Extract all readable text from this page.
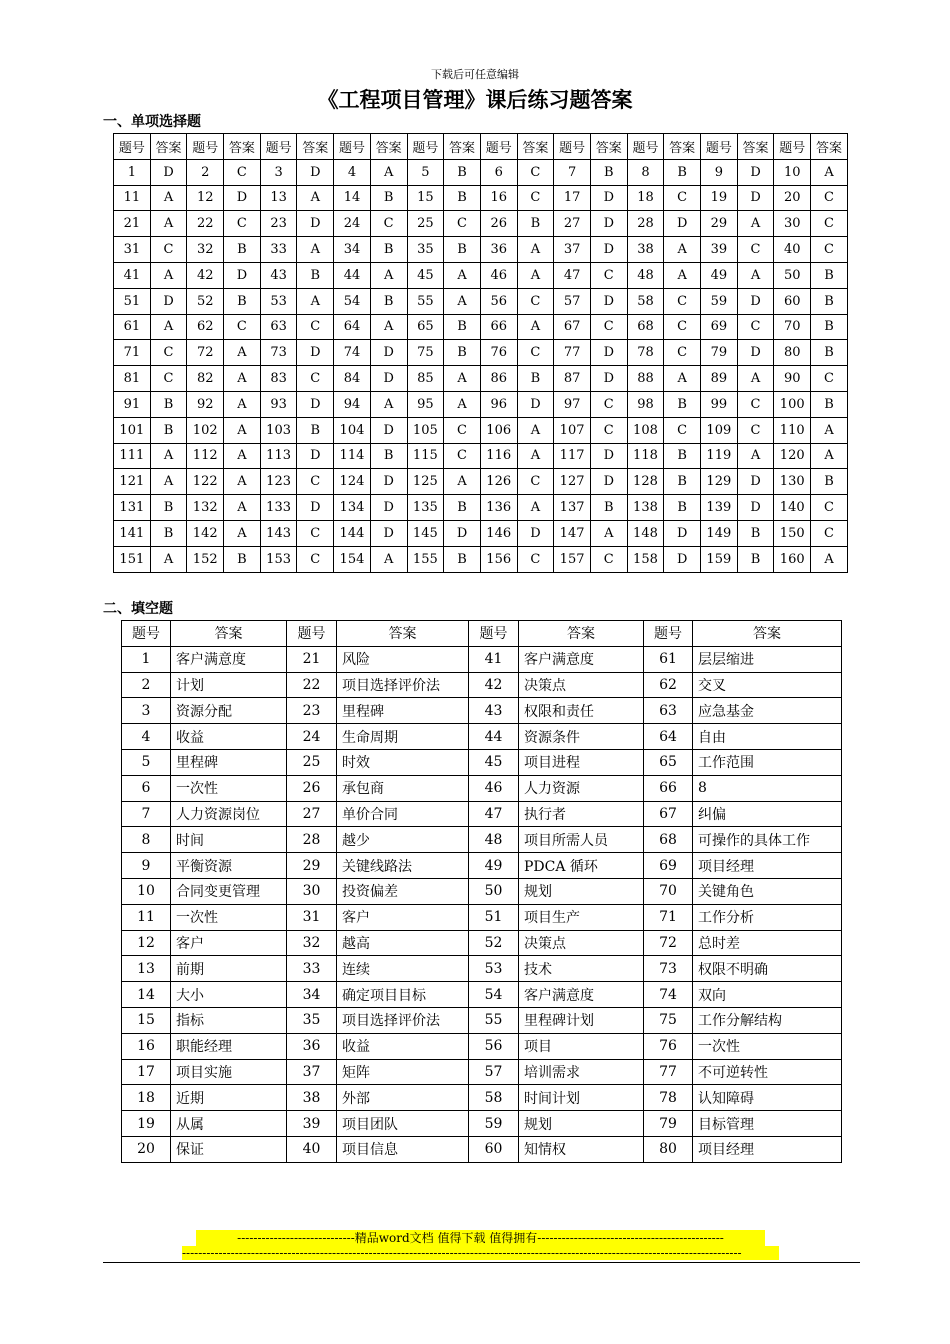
下载后可任意编辑
《工程项目管理》课后练习题答案
一、单项选择题
题号	答案	题号	答案	题号	答案	题号	答案	题号	答案	题号	答案	题号	答案	题号	答案	题号	答案	题号	答案
1	D	2	C	3	D	4	A	5	B	6	C	7	B	8	B	9	D	10	A
11	A	12	D	13	A	14	B	15	B	16	C	17	D	18	C	19	D	20	C
21	A	22	C	23	D	24	C	25	C	26	B	27	D	28	D	29	A	30	C
31	C	32	B	33	A	34	B	35	B	36	A	37	D	38	A	39	C	40	C
41	A	42	D	43	B	44	A	45	A	46	A	47	C	48	A	49	A	50	B
51	D	52	B	53	A	54	B	55	A	56	C	57	D	58	C	59	D	60	B
61	A	62	C	63	C	64	A	65	B	66	A	67	C	68	C	69	C	70	B
71	C	72	A	73	D	74	D	75	B	76	C	77	D	78	C	79	D	80	B
81	C	82	A	83	C	84	D	85	A	86	B	87	D	88	A	89	A	90	C
91	B	92	A	93	D	94	A	95	A	96	D	97	C	98	B	99	C	100	B
101	B	102	A	103	B	104	D	105	C	106	A	107	C	108	C	109	C	110	A
111	A	112	A	113	D	114	B	115	C	116	A	117	D	118	B	119	A	120	A
121	A	122	A	123	C	124	D	125	A	126	C	127	D	128	B	129	D	130	B
131	B	132	A	133	D	134	D	135	B	136	A	137	B	138	B	139	D	140	C
141	B	142	A	143	C	144	D	145	D	146	D	147	A	148	D	149	B	150	C
151	A	152	B	153	C	154	A	155	B	156	C	157	C	158	D	159	B	160	A
二、填空题
题号	答案	题号	答案	题号	答案	题号	答案
1	客户满意度	21	风险	41	客户满意度	61	层层缩进
2	计划	22	项目选择评价法	42	决策点	62	交叉
3	资源分配	23	里程碑	43	权限和责任	63	应急基金
4	收益	24	生命周期	44	资源条件	64	自由
5	里程碑	25	时效	45	项目进程	65	工作范围
6	一次性	26	承包商	46	人力资源	66	8
7	人力资源岗位	27	单价合同	47	执行者	67	纠偏
8	时间	28	越少	48	项目所需人员	68	可操作的具体工作
9	平衡资源	29	关键线路法	49	PDCA 循环	69	项目经理
10	合同变更管理	30	投资偏差	50	规划	70	关键角色
11	一次性	31	客户	51	项目生产	71	工作分析
12	客户	32	越高	52	决策点	72	总时差
13	前期	33	连续	53	技术	73	权限不明确
14	大小	34	确定项目目标	54	客户满意度	74	双向
15	指标	35	项目选择评价法	55	里程碑计划	75	工作分解结构
16	职能经理	36	收益	56	项目	76	一次性
17	项目实施	37	矩阵	57	培训需求	77	不可逆转性
18	近期	38	外部	58	时间计划	78	认知障碍
19	从属	39	项目团队	59	规划	79	目标管理
20	保证	40	项目信息	60	知情权	80	项目经理
-----------------------------精品word文档 值得下载 值得拥有----------------------------------------------
------------------------------------------------------------------------------------------------------------------------------------------
